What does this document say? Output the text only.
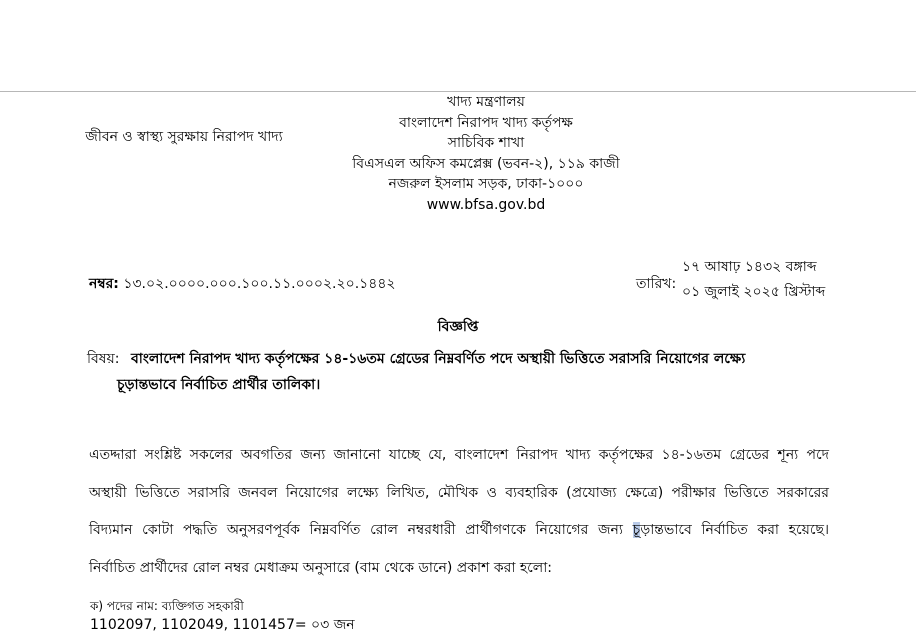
জীবন ও স্বাস্থ্য সুরক্ষায় নিরাপদ খাদ্য
খাদ্য মন্ত্রণালয়
বাংলাদেশ নিরাপদ খাদ্য কর্তৃপক্ষ
সাচিবিক শাখা
বিএসএল অফিস কমপ্লেক্স (ভবন-২), ১১৯ কাজী
নজরুল ইসলাম সড়ক, ঢাকা-১০০০
www.bfsa.gov.bd
নম্বর: ১৩.০২.০০০০.০০০.১০০.১১.০০০২.২০.১৪৪২	তারিখ:
১৭ আষাঢ় ১৪৩২ বঙ্গাব্দ
০১ জুলাই ২০২৫ খ্রিস্টাব্দ
বিজ্ঞপ্তি
বিষয়: বাংলাদেশ নিরাপদ খাদ্য কর্তৃপক্ষের ১৪-১৬তম গ্রেডের নিম্নবর্ণিত পদে অস্থায়ী ভিত্তিতে সরাসরি নিয়োগের লক্ষ্যে
চূড়ান্তভাবে নির্বাচিত প্রার্থীর তালিকা।
এতদ্দারা সংশ্লিষ্ট সকলের অবগতির জন্য জানানো যাচ্ছে যে, বাংলাদেশ নিরাপদ খাদ্য কর্তৃপক্ষের ১৪-১৬তম গ্রেডের শূন্য পদে
অস্থায়ী ভিত্তিতে সরাসরি জনবল নিয়োগের লক্ষ্যে লিখিত, মৌখিক ও ব্যবহারিক (প্রযোজ্য ক্ষেত্রে) পরীক্ষার ভিত্তিতে সরকারের
বিদ্যমান কোটা পদ্ধতি অনুসরণপূর্বক নিম্নবর্ণিত রোল নম্বরধারী প্রার্থীগণকে নিয়োগের জন্য চূড়ান্তভাবে নির্বাচিত করা হয়েছে।
নির্বাচিত প্রার্থীদের রোল নম্বর মেধাক্রম অনুসারে (বাম থেকে ডানে) প্রকাশ করা হলো:
ক) পদের নাম: ব্যক্তিগত সহকারী
1102097, 1102049, 1101457= ০৩ জন
